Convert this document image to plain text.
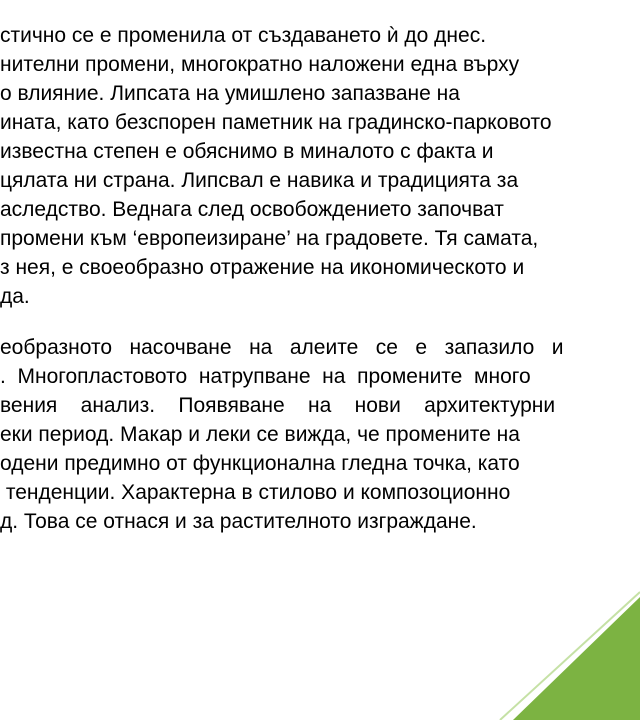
стично се е променила от създаването ѝ до днес.
нителни промени, многократно наложени една върху
о влияние. Липсата на умишлено запазване на
ината, като безспорен паметник на градинско-парковото
известна степен е обяснимо в миналото с факта и
цялата ни страна. Липсвал е навика и традицията за
аследство. Веднага след освобождението започват
промени към ‘европеизиране’ на градовете. Тя самата,
з нея, е своеобразно отражение на икономическото и
да.
еобразното   насочване   на   алеите   се   е   запазило   и
.  Многопластовото  натрупване  на  промените  много
вения    анализ.    Появяване    на    нови    архитектурни
еки период. Макар и леки се вижда, че промените на
одени предимно от функционална гледна точка, като
тенденции. Характерна в стилово и композоционно
д. Това се отнася и за растителното изграждане.
